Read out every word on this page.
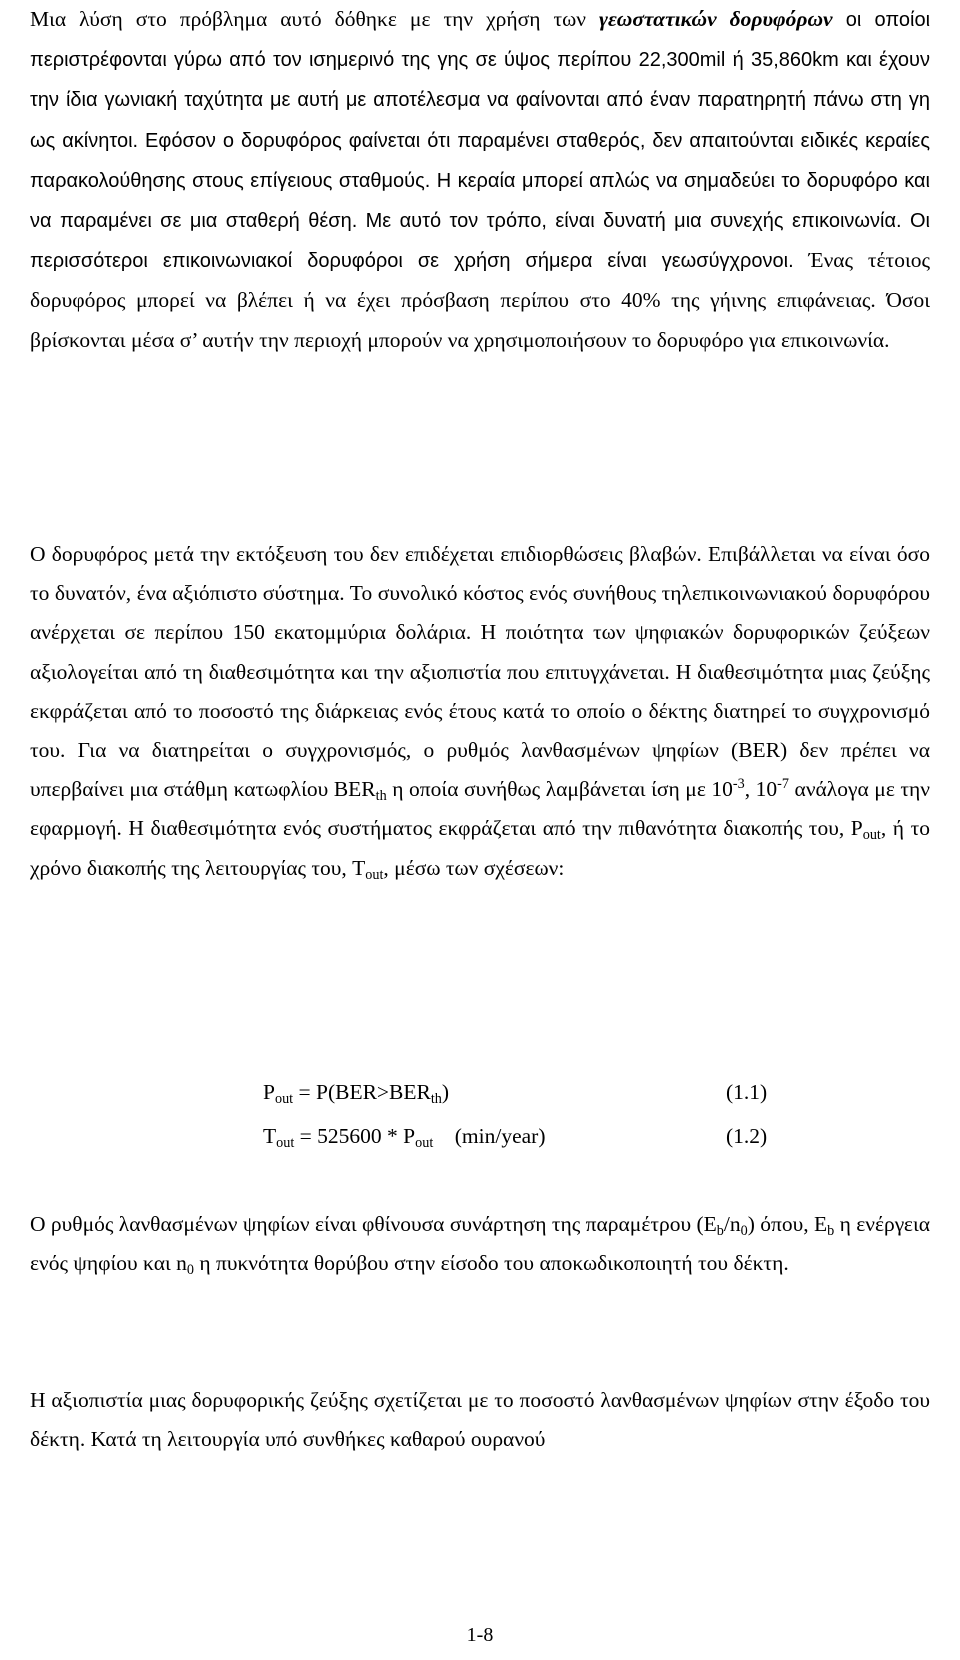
Μια λύση στο πρόβλημα αυτό δόθηκε με την χρήση των γεωστατικών δορυφόρων οι οποίοι περιστρέφονται γύρω από τον ισημερινό της γης σε ύψος περίπου 22,300mil ή 35,860km και έχουν την ίδια γωνιακή ταχύτητα με αυτή με αποτέλεσμα να φαίνονται από έναν παρατηρητή πάνω στη γη ως ακίνητοι. Εφόσον ο δορυφόρος φαίνεται ότι παραμένει σταθερός, δεν απαιτούνται ειδικές κεραίες παρακολούθησης στους επίγειους σταθμούς. Η κεραία μπορεί απλώς να σημαδεύει το δορυφόρο και να παραμένει σε μια σταθερή θέση. Με αυτό τον τρόπο, είναι δυνατή μια συνεχής επικοινωνία. Οι περισσότεροι επικοινωνιακοί δορυφόροι σε χρήση σήμερα είναι γεωσύγχρονοι. Ένας τέτοιος δορυφόρος μπορεί να βλέπει ή να έχει πρόσβαση περίπου στο 40% της γήινης επιφάνειας. Όσοι βρίσκονται μέσα σ’ αυτήν την περιοχή μπορούν να χρησιμοποιήσουν το δορυφόρο για επικοινωνία.

Ο δορυφόρος μετά την εκτόξευση του δεν επιδέχεται επιδιορθώσεις βλαβών. Επιβάλλεται να είναι όσο το δυνατόν, ένα αξιόπιστο σύστημα. Το συνολικό κόστος ενός συνήθους τηλεπικοινωνιακού δορυφόρου ανέρχεται σε περίπου 150 εκατομμύρια δολάρια. Η ποιότητα των ψηφιακών δορυφορικών ζεύξεων αξιολογείται από τη διαθεσιμότητα και την αξιοπιστία που επιτυγχάνεται. Η διαθεσιμότητα μιας ζεύξης εκφράζεται από το ποσοστό της διάρκειας ενός έτους κατά το οποίο ο δέκτης διατηρεί το συγχρονισμό του. Για να διατηρείται ο συγχρονισμός, ο ρυθμός λανθασμένων ψηφίων (BER) δεν πρέπει να υπερβαίνει μια στάθμη κατωφλίου $BER_{th}$ η οποία συνήθως λαμβάνεται ίση με $10^{-3}$, $10^{-7}$ ανάλογα με την εφαρμογή. Η διαθεσιμότητα ενός συστήματος εκφράζεται από την πιθανότητα διακοπής του, $P_{out}$, ή το χρόνο διακοπής της λειτουργίας του, $T_{out}$, μέσω των σχέσεων:

$P_{out} = P(BER>BER_{th})$	(1.1)
$T_{out} = 525600 * P_{out}$    (min/year)	(1.2)

Ο ρυθμός λανθασμένων ψηφίων είναι φθίνουσα συνάρτηση της παραμέτρου $(E_b/n_0)$ όπου, $E_b$ η ενέργεια ενός ψηφίου και $n_0$ η πυκνότητα θορύβου στην είσοδο του αποκωδικοποιητή του δέκτη.

Η αξιοπιστία μιας δορυφορικής ζεύξης σχετίζεται με το ποσοστό λανθασμένων ψηφίων στην έξοδο του δέκτη. Κατά τη λειτουργία υπό συνθήκες καθαρού ουρανού

1-8
